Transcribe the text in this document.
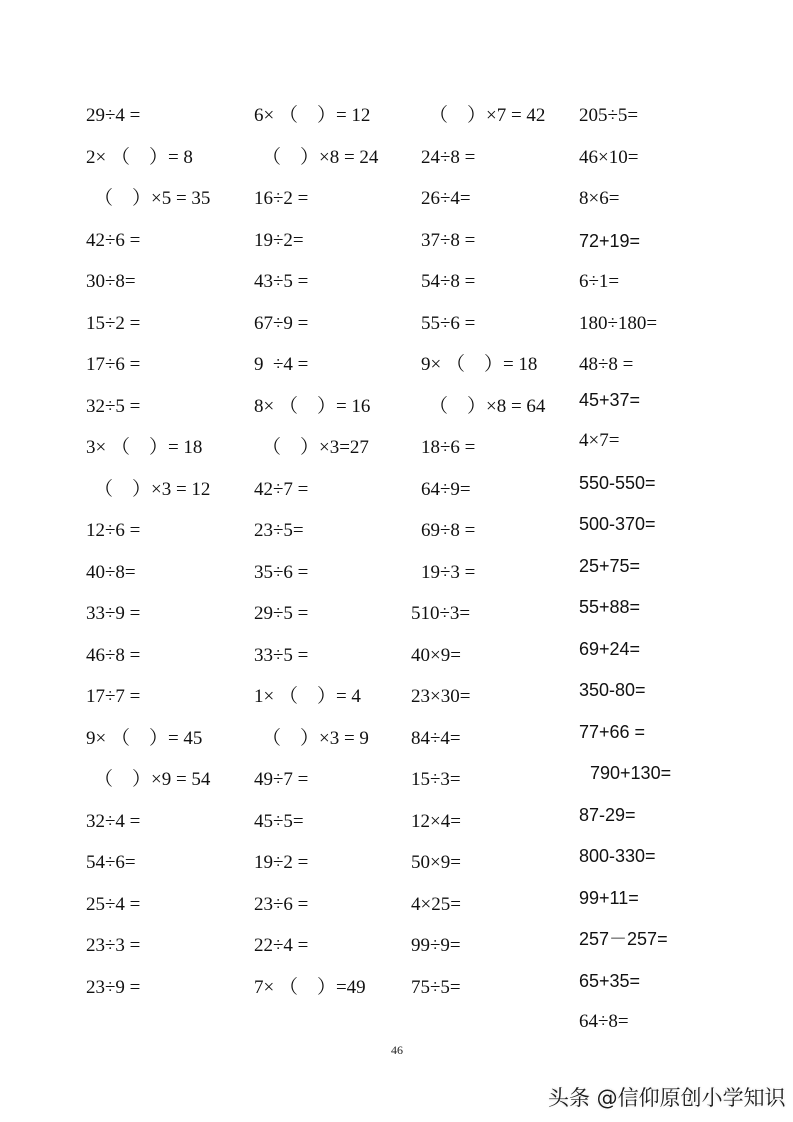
29÷4 =
2× （　）= 8
（　）×5 = 35
42÷6 =
30÷8=
15÷2 =
17÷6 =
32÷5 =
3× （　）= 18
（　）×3 = 12
12÷6 =
40÷8=
33÷9 =
46÷8 =
17÷7 =
9× （　）= 45
（　）×9 = 54
32÷4 =
54÷6=
25÷4 =
23÷3 =
23÷9 =
6× （　）= 12
（　）×8 = 24
16÷2 =
19÷2=
43÷5 =
67÷9 =
9  ÷4 =
8× （　）= 16
（　）×3=27
42÷7 =
23÷5=
35÷6 =
29÷5 =
33÷5 =
1× （　）= 4
（　）×3 = 9
49÷7 =
45÷5=
19÷2 =
23÷6 =
22÷4 =
7× （　）=49
（　）×7 = 42
24÷8 =
26÷4=
37÷8 =
54÷8 =
55÷6 =
9× （　）= 18
（　）×8 = 64
18÷6 =
64÷9=
69÷8 =
19÷3 =
510÷3=
40×9=
23×30=
84÷4=
15÷3=
12×4=
50×9=
4×25=
99÷9=
75÷5=
205÷5=
46×10=
8×6=
72+19=
6÷1=
180÷180=
48÷8 =
45+37=
4×7=
550-550=
500-370=
25+75=
55+88=
69+24=
350-80=
77+66 =
790+130=
87-29=
800-330=
99+11=
257－257=
65+35=
64÷8=
46
头条 @信仰原创小学知识
